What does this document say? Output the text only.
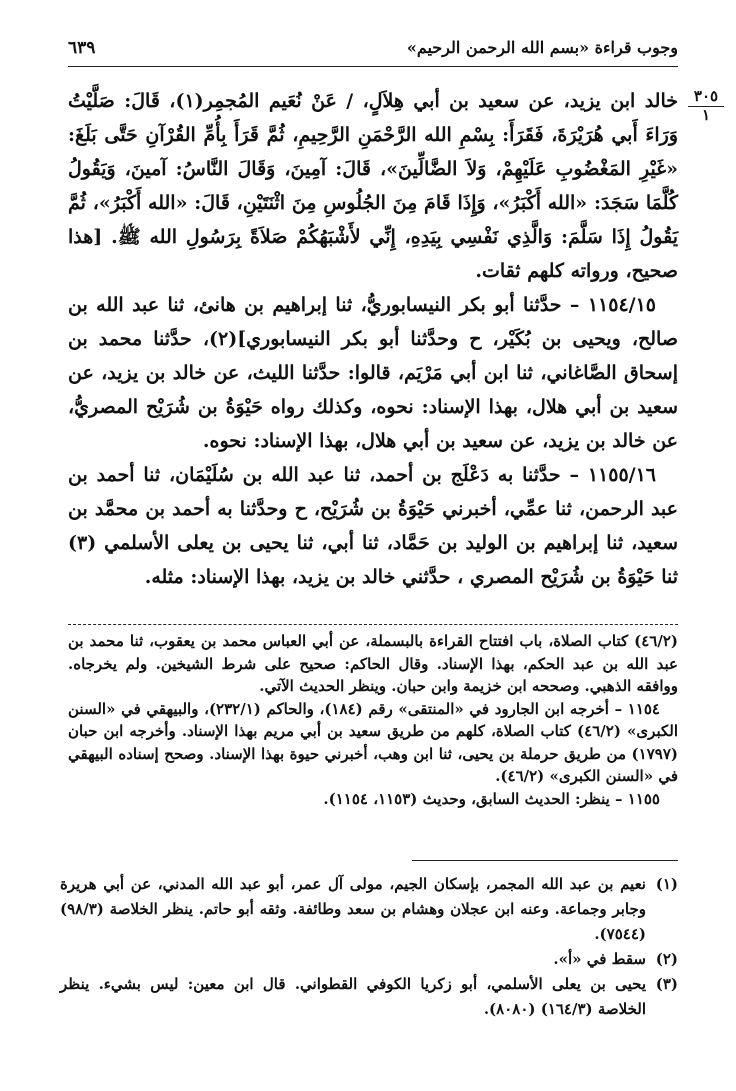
وجوب قراءة «بسم الله الرحمن الرحيم»
٦٣٩
٣٠٥
١

خالد ابن يزيد، عن سعيد بن أبي هِلاَلٍ، / عَنْ نُعَيم المُجمِر(١)، قَالَ: صَلَّيْتُ وَرَاءَ أَبي هُرَيْرَةَ، فَقَرَأَ: بِسْمِ الله الرَّحْمَنِ الرَّحِيمِ، ثُمَّ قَرَأَ بِأُمِّ القُرْآنِ حَتَّى بَلَغَ: «غَيْرِ المَغْضُوبِ عَلَيْهِمْ، وَلاَ الضَّالِّينَ»، قَالَ: آمِينَ، وَقَالَ النَّاسُ: آمينَ، وَيَقُولُ كُلَّمَا سَجَدَ: «الله أَكْبَرُ»، وَإِذَا قَامَ مِنَ الجُلُوسِ مِنَ اثْنَتَيْنِ، قَالَ: «الله أَكْبَرُ»، ثُمَّ يَقُولُ إِذَا سَلَّمَ: وَالَّذِي نَفْسِي بِيَدِهِ، إِنِّي لأَشْبَهُكُمْ صَلاَةً بِرَسُولِ الله ﷺ. [هذا صحيح، ورواته كلهم ثقات.

١١٥٤/١٥ – حدَّثنا أبو بكر النيسابوريُّ، ثنا إبراهيم بن هانئ، ثنا عبد الله بن صالح، ويحيى بن بُكَيْر، ح وحدَّثنا أبو بكر النيسابوري](٢)، حدَّثنا محمد بن إسحاق الصَّاغاني، ثنا ابن أبي مَرْيَم، قالوا: حدَّثنا الليث، عن خالد بن يزيد، عن سعيد بن أبي هلال، بهذا الإسناد: نحوه، وكذلك رواه حَيْوَةُ بن شُرَيْح المصريُّ، عن خالد بن يزيد، عن سعيد بن أبي هلال، بهذا الإسناد: نحوه.

١١٥٥/١٦ – حدَّثنا به دَعْلَج بن أحمد، ثنا عبد الله بن سُلَيْمَان، ثنا أحمد بن عبد الرحمن، ثنا عمِّي، أخبرني حَيْوَةُ بن شُرَيْح، ح وحدَّثنا به أحمد بن محمَّد بن سعيد، ثنا إبراهيم بن الوليد بن حَمَّاد، ثنا أبي، ثنا يحيى بن يعلى الأسلمي (٣) ثنا حَيْوَةُ بن شُرَيْح المصري ، حدَّثني خالد بن يزيد، بهذا الإسناد: مثله.

(٤٦/٢) كتاب الصلاة، باب افتتاح القراءة بالبسملة، عن أبي العباس محمد بن يعقوب، ثنا محمد بن عبد الله بن عبد الحكم، بهذا الإسناد. وقال الحاكم: صحيح على شرط الشيخين. ولم يخرجاه. ووافقه الذهبي. وصححه ابن خزيمة وابن حبان. وينظر الحديث الآتي.

١١٥٤ – أخرجه ابن الجارود في «المنتقى» رقم (١٨٤)، والحاكم (٢٣٢/١)، والبيهقي في «السنن الكبرى» (٤٦/٢) كتاب الصلاة، كلهم من طريق سعيد بن أبي مريم بهذا الإسناد. وأخرجه ابن حبان (١٧٩٧) من طريق حرملة بن يحيى، ثنا ابن وهب، أخبرني حيوة بهذا الإسناد. وصحح إسناده البيهقي في «السنن الكبرى» (٤٦/٢).

١١٥٥ – ينظر: الحديث السابق، وحديث (١١٥٣، ١١٥٤).

(١)
نعيم بن عبد الله المجمر، بإسكان الجيم، مولى آل عمر، أبو عبد الله المدني، عن أبي هريرة وجابر وجماعة. وعنه ابن عجلان وهشام بن سعد وطائفة. وثقه أبو حاتم. ينظر الخلاصة (٩٨/٣) (٧٥٤٤).
(٢)
سقط في «أ».
(٣)
يحيى بن يعلى الأسلمي، أبو زكريا الكوفي القطواني. قال ابن معين: ليس بشيء. ينظر الخلاصة (١٦٤/٣) (٨٠٨٠).
